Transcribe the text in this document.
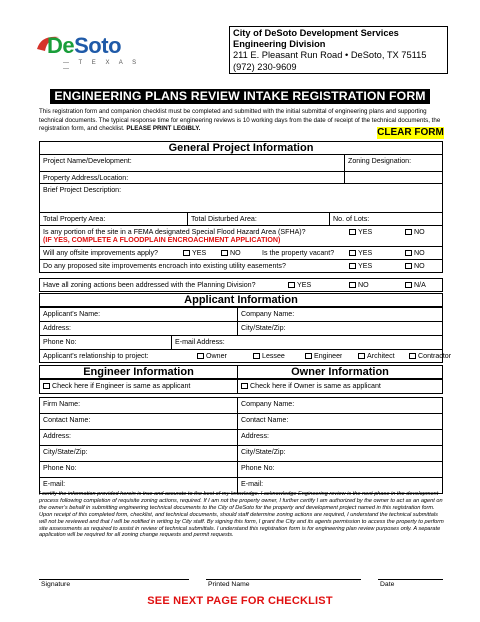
DeSoto
— T E X A S —
City of DeSoto Development Services
Engineering Division
211 E. Pleasant Run Road • DeSoto, TX 75115
(972) 230-9609
ENGINEERING PLANS REVIEW INTAKE REGISTRATION FORM
This registration form and companion checklist must be completed and submitted with the initial submittal of engineering plans and supporting technical documents. The typical response time for engineering reviews is 10 working days from the date of receipt of the technical documents, the registration form, and checklist. PLEASE PRINT LEGIBLY.	CLEAR FORM
General Project Information
Project Name/Development:	Zoning Designation:
Property Address/Location:
Brief Project Description:
Total Property Area:	Total Disturbed Area:	No. of Lots:
Is any portion of the site in a FEMA designated Special Flood Hazard Area (SFHA)?
(IF YES, COMPLETE A FLOODPLAIN ENCROACHMENT APPLICATION)
YES	NO
Will any offsite improvements apply?	YES	NO	Is the property vacant?	YES	NO
Do any proposed site improvements encroach into existing utility easements?	YES	NO
Have all zoning actions been addressed with the Planning Division?	YES	NO	N/A
Applicant Information
Applicant’s Name:	Company Name:
Address:	City/State/Zip:
Phone No:	E-mail Address:
Applicant’s relationship to project:	Owner	Lessee	Engineer	Architect	Contractor
Engineer Information	Owner Information
Check here if Engineer is same as applicant	Check here if Owner is same as applicant
Firm Name:	Company Name:
Contact Name:	Contact Name:
Address:	Address:
City/State/Zip:	City/State/Zip:
Phone No:	Phone No:
E-mail:	E-mail:
I certify the information provided herein is true and accurate to the best of my knowledge. I acknowledge Engineering review is the next phase in the development process following completion of requisite zoning actions, required. If I am not the property owner, I further certify I am authorized by the owner to act as an agent on the owner’s behalf in submitting engineering technical documents to the City of DeSoto for the property and development project named in this registration form. Upon receipt of this completed form, checklist, and technical documents, should staff determine zoning actions are required, I understand the technical submittals will not be reviewed and that I will be notified in writing by City staff. By signing this form, I grant the City and its agents permission to access the property to perform site assessments as required to assist in review of technical submittals. I understand this registration form is for engineering plan review purposes only. A separate application will be required for all zoning change requests and permit requests.
Signature	Printed Name	Date
SEE NEXT PAGE FOR CHECKLIST
